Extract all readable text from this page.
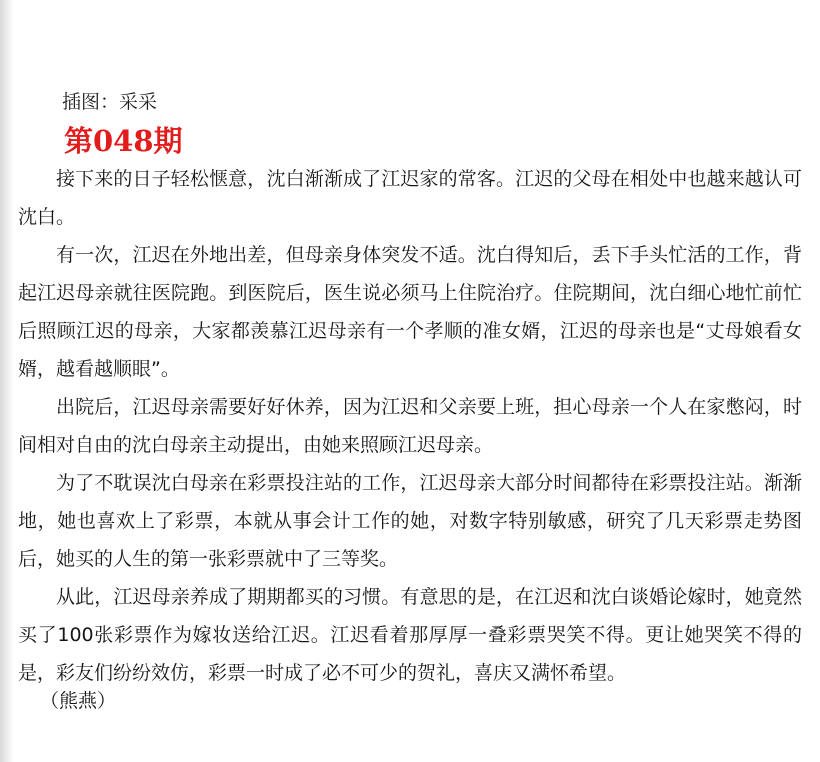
插图：采采
第048期

接下来的日子轻松惬意，沈白渐渐成了江迟家的常客。江迟的父母在相处中也越来越认可沈白。

有一次，江迟在外地出差，但母亲身体突发不适。沈白得知后，丢下手头忙活的工作，背起江迟母亲就往医院跑。到医院后，医生说必须马上住院治疗。住院期间，沈白细心地忙前忙后照顾江迟的母亲，大家都羡慕江迟母亲有一个孝顺的准女婿，江迟的母亲也是“丈母娘看女婿，越看越顺眼”。

出院后，江迟母亲需要好好休养，因为江迟和父亲要上班，担心母亲一个人在家憋闷，时间相对自由的沈白母亲主动提出，由她来照顾江迟母亲。

为了不耽误沈白母亲在彩票投注站的工作，江迟母亲大部分时间都待在彩票投注站。渐渐地，她也喜欢上了彩票，本就从事会计工作的她，对数字特别敏感，研究了几天彩票走势图后，她买的人生的第一张彩票就中了三等奖。

从此，江迟母亲养成了期期都买的习惯。有意思的是，在江迟和沈白谈婚论嫁时，她竟然买了100张彩票作为嫁妆送给江迟。江迟看着那厚厚一叠彩票哭笑不得。更让她哭笑不得的是，彩友们纷纷效仿，彩票一时成了必不可少的贺礼，喜庆又满怀希望。

（熊燕）
